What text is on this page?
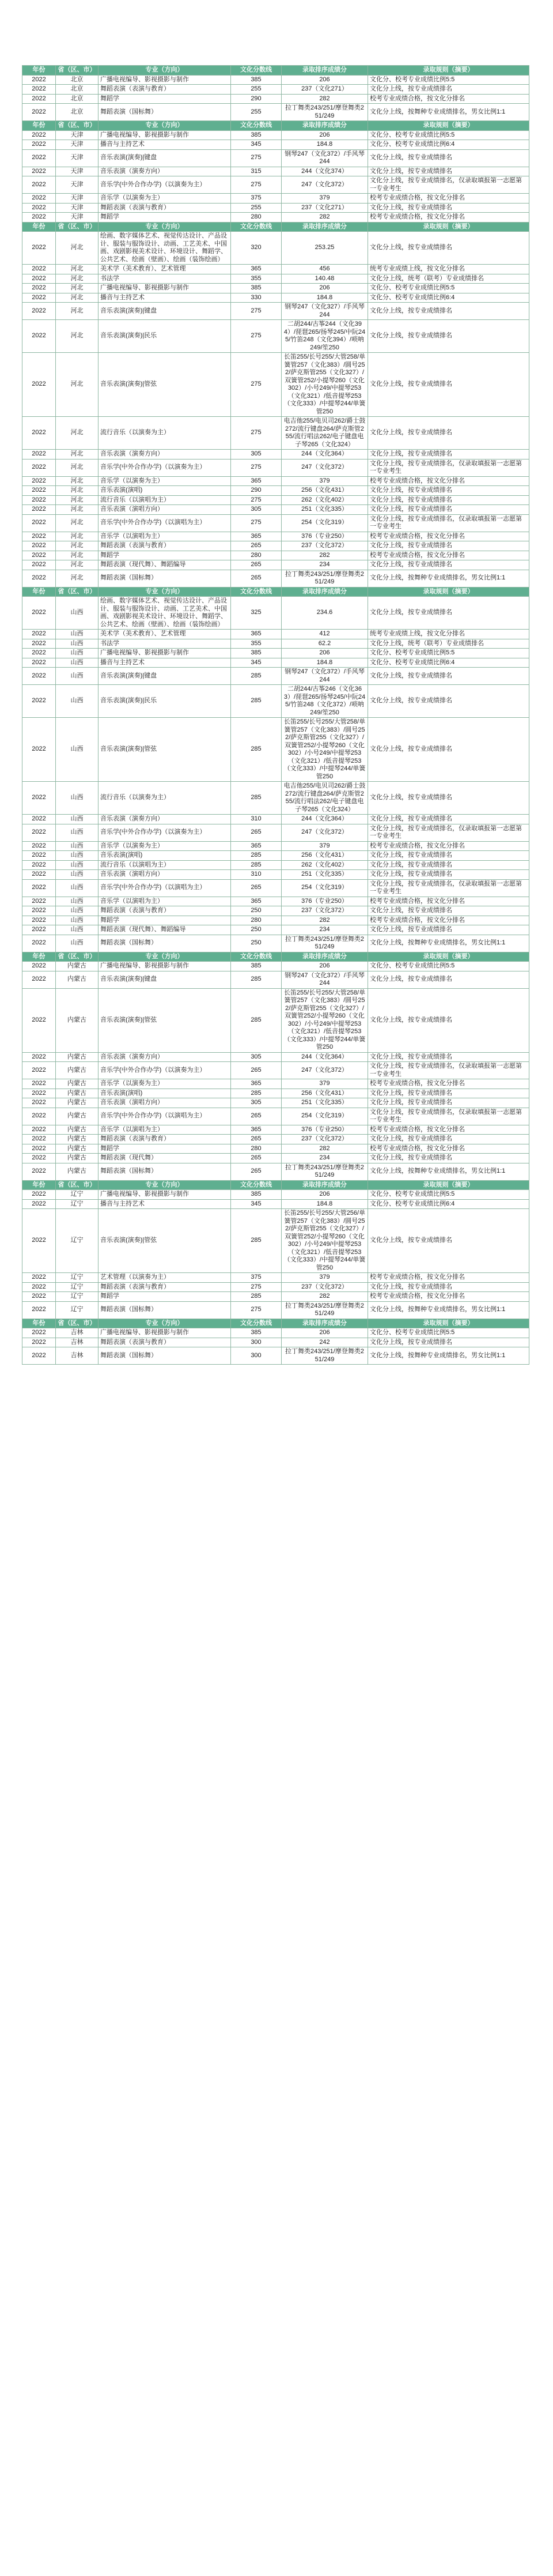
年份	省（区、市）	专业（方向）	文化分数线	录取排序成绩分	录取规则（摘要）
2022	北京	广播电视编导、影视摄影与制作	385	206	文化分、校考专业成绩比例5:5
2022	北京	舞蹈表演（表演与教育）	255	237（文化271）	文化分上线，按专业成绩排名
2022	北京	舞蹈学	290	282	校考专业成绩合格，按文化分排名
2022	北京	舞蹈表演（国标舞）	255	拉丁舞类243/251/摩登舞类251/249	文化分上线，按舞种专业成绩排名，男女比例1:1
年份	省（区、市）	专业（方向）	文化分数线	录取排序成绩分	录取规则（摘要）
2022	天津	广播电视编导、影视摄影与制作	385	206	文化分、校考专业成绩比例5:5
2022	天津	播音与主持艺术	345	184.8	文化分、校考专业成绩比例6:4
2022	天津	音乐表演(演奏)|键盘	275	钢琴247（文化372）/手风琴244	文化分上线，按专业成绩排名
2022	天津	音乐表演（演奏方向）	315	244（文化374）	文化分上线，按专业成绩排名
2022	天津	音乐学(中外合作办学)（以演奏为主）	275	247（文化372）	文化分上线，按专业成绩排名，仅录取填报第一志愿第一专业考生
2022	天津	音乐学（以演奏为主）	375	379	校考专业成绩合格，按文化分排名
2022	天津	舞蹈表演（表演与教育）	255	237（文化271）	文化分上线，按专业成绩排名
2022	天津	舞蹈学	280	282	校考专业成绩合格，按文化分排名
年份	省（区、市）	专业（方向）	文化分数线	录取排序成绩分	录取规则（摘要）
2022	河北	绘画、数字媒体艺术、视觉传达设计、产品设计、服装与服饰设计、动画、工艺美术、中国画、戏剧影视美术设计、环境设计、舞蹈学、公共艺术、绘画（壁画）、绘画（装饰绘画）	320	253.25	文化分上线，按专业成绩排名
2022	河北	美术学（美术教育）、艺术管理	365	456	统考专业成绩上线，按文化分排名
2022	河北	书法学	355	140.48	文化分上线，统考（联考）专业成绩排名
2022	河北	广播电视编导、影视摄影与制作	385	206	文化分、校考专业成绩比例5:5
2022	河北	播音与主持艺术	330	184.8	文化分、校考专业成绩比例6:4
2022	河北	音乐表演(演奏)|键盘	275	钢琴247（文化327）/手风琴244	文化分上线，按专业成绩排名
2022	河北	音乐表演(演奏)|民乐	275	二胡244/古筝244（文化394）/琵琶265/扬琴245/中阮245/竹笛248（文化394）/唢呐249/笙250	文化分上线，按专业成绩排名
2022	河北	音乐表演(演奏)|管弦	275	长笛255/长号255/大管258/单簧管257（文化383）/圆号252/萨克斯管255（文化327）/双簧管252/小提琴260（文化302）/小号249/中提琴253（文化321）/低音提琴253（文化333）/中提琴244/单簧管250	文化分上线，按专业成绩排名
2022	河北	流行音乐（以演奏为主）	275	电吉他255/电贝司262/爵士鼓272/流行键盘264/萨克斯管255/流行唱法262/电子键盘电子琴265（文化324）	文化分上线，按专业成绩排名
2022	河北	音乐表演（演奏方向）	305	244（文化364）	文化分上线，按专业成绩排名
2022	河北	音乐学(中外合作办学)（以演奏为主）	275	247（文化372）	文化分上线，按专业成绩排名，仅录取填报第一志愿第一专业考生
2022	河北	音乐学（以演奏为主）	365	379	校考专业成绩合格，按文化分排名
2022	河北	音乐表演(演唱)	290	256（文化431）	文化分上线，按专业成绩排名
2022	河北	流行音乐（以演唱为主）	275	262（文化402）	文化分上线，按专业成绩排名
2022	河北	音乐表演（演唱方向）	305	251（文化335）	文化分上线，按专业成绩排名
2022	河北	音乐学(中外合作办学)（以演唱为主）	275	254（文化319）	文化分上线，按专业成绩排名，仅录取填报第一志愿第一专业考生
2022	河北	音乐学（以演唱为主）	365	376（专业250）	校考专业成绩合格，按文化分排名
2022	河北	舞蹈表演（表演与教育）	265	237（文化372）	文化分上线，按专业成绩排名
2022	河北	舞蹈学	280	282	校考专业成绩合格，按文化分排名
2022	河北	舞蹈表演（现代舞）、舞蹈编导	265	234	文化分上线，按专业成绩排名
2022	河北	舞蹈表演（国标舞）	265	拉丁舞类243/251/摩登舞类251/249	文化分上线，按舞种专业成绩排名，男女比例1:1
年份	省（区、市）	专业（方向）	文化分数线	录取排序成绩分	录取规则（摘要）
2022	山西	绘画、数字媒体艺术、视觉传达设计、产品设计、服装与服饰设计、动画、工艺美术、中国画、戏剧影视美术设计、环境设计、舞蹈学、公共艺术、绘画（壁画）、绘画（装饰绘画）	325	234.6	文化分上线，按专业成绩排名
2022	山西	美术学（美术教育）、艺术管理	365	412	统考专业成绩上线，按文化分排名
2022	山西	书法学	355	62.2	文化分上线，统考（联考）专业成绩排名
2022	山西	广播电视编导、影视摄影与制作	385	206	文化分、校考专业成绩比例5:5
2022	山西	播音与主持艺术	345	184.8	文化分、校考专业成绩比例6:4
2022	山西	音乐表演(演奏)|键盘	285	钢琴247（文化372）/手风琴244	文化分上线，按专业成绩排名
2022	山西	音乐表演(演奏)|民乐	285	二胡244/古筝246（文化363）/琵琶265/扬琴245/中阮245/竹笛248（文化372）/唢呐249/笙250	文化分上线，按专业成绩排名
2022	山西	音乐表演(演奏)|管弦	285	长笛255/长号255/大管258/单簧管257（文化383）/圆号252/萨克斯管255（文化327）/双簧管252/小提琴260（文化302）/小号249/中提琴253（文化321）/低音提琴253（文化333）/中提琴244/单簧管250	文化分上线，按专业成绩排名
2022	山西	流行音乐（以演奏为主）	285	电吉他255/电贝司262/爵士鼓272/流行键盘264/萨克斯管255/流行唱法262/电子键盘电子琴265（文化324）	文化分上线，按专业成绩排名
2022	山西	音乐表演（演奏方向）	310	244（文化364）	文化分上线，按专业成绩排名
2022	山西	音乐学(中外合作办学)（以演奏为主）	265	247（文化372）	文化分上线，按专业成绩排名，仅录取填报第一志愿第一专业考生
2022	山西	音乐学（以演奏为主）	365	379	校考专业成绩合格，按文化分排名
2022	山西	音乐表演(演唱)	285	256（文化431）	文化分上线，按专业成绩排名
2022	山西	流行音乐（以演唱为主）	285	262（文化402）	文化分上线，按专业成绩排名
2022	山西	音乐表演（演唱方向）	310	251（文化335）	文化分上线，按专业成绩排名
2022	山西	音乐学(中外合作办学)（以演唱为主）	265	254（文化319）	文化分上线，按专业成绩排名，仅录取填报第一志愿第一专业考生
2022	山西	音乐学（以演唱为主）	365	376（专业250）	校考专业成绩合格，按文化分排名
2022	山西	舞蹈表演（表演与教育）	250	237（文化372）	文化分上线，按专业成绩排名
2022	山西	舞蹈学	280	282	校考专业成绩合格，按文化分排名
2022	山西	舞蹈表演（现代舞）、舞蹈编导	250	234	文化分上线，按专业成绩排名
2022	山西	舞蹈表演（国标舞）	250	拉丁舞类243/251/摩登舞类251/249	文化分上线，按舞种专业成绩排名，男女比例1:1
年份	省（区、市）	专业（方向）	文化分数线	录取排序成绩分	录取规则（摘要）
2022	内蒙古	广播电视编导、影视摄影与制作	385	206	文化分、校考专业成绩比例5:5
2022	内蒙古	音乐表演(演奏)|键盘	285	钢琴247（文化372）/手风琴244	文化分上线，按专业成绩排名
2022	内蒙古	音乐表演(演奏)|管弦	285	长笛255/长号255/大管258/单簧管257（文化383）/圆号252/萨克斯管255（文化327）/双簧管252/小提琴260（文化302）/小号249/中提琴253（文化321）/低音提琴253（文化333）/中提琴244/单簧管250	文化分上线，按专业成绩排名
2022	内蒙古	音乐表演（演奏方向）	305	244（文化364）	文化分上线，按专业成绩排名
2022	内蒙古	音乐学(中外合作办学)（以演奏为主）	265	247（文化372）	文化分上线，按专业成绩排名，仅录取填报第一志愿第一专业考生
2022	内蒙古	音乐学（以演奏为主）	365	379	校考专业成绩合格，按文化分排名
2022	内蒙古	音乐表演(演唱)	285	256（文化431）	文化分上线，按专业成绩排名
2022	内蒙古	音乐表演（演唱方向）	305	251（文化335）	文化分上线，按专业成绩排名
2022	内蒙古	音乐学(中外合作办学)（以演唱为主）	265	254（文化319）	文化分上线，按专业成绩排名，仅录取填报第一志愿第一专业考生
2022	内蒙古	音乐学（以演唱为主）	365	376（专业250）	校考专业成绩合格，按文化分排名
2022	内蒙古	舞蹈表演（表演与教育）	265	237（文化372）	文化分上线，按专业成绩排名
2022	内蒙古	舞蹈学	280	282	校考专业成绩合格，按文化分排名
2022	内蒙古	舞蹈表演（现代舞）	265	234	文化分上线，按专业成绩排名
2022	内蒙古	舞蹈表演（国标舞）	265	拉丁舞类243/251/摩登舞类251/249	文化分上线，按舞种专业成绩排名，男女比例1:1
年份	省（区、市）	专业（方向）	文化分数线	录取排序成绩分	录取规则（摘要）
2022	辽宁	广播电视编导、影视摄影与制作	385	206	文化分、校考专业成绩比例5:5
2022	辽宁	播音与主持艺术	345	184.8	文化分、校考专业成绩比例6:4
2022	辽宁	音乐表演(演奏)|管弦	285	长笛255/长号255/大管256/单簧管257（文化383）/圆号252/萨克斯管255（文化327）/双簧管252/小提琴260（文化302）/小号249/中提琴253（文化321）/低音提琴253（文化333）/中提琴244/单簧管250	文化分上线，按专业成绩排名
2022	辽宁	艺术管理（以演奏为主）	375	379	校考专业成绩合格，按文化分排名
2022	辽宁	舞蹈表演（表演与教育）	275	237（文化372）	文化分上线，按专业成绩排名
2022	辽宁	舞蹈学	285	282	校考专业成绩合格，按文化分排名
2022	辽宁	舞蹈表演（国标舞）	275	拉丁舞类243/251/摩登舞类251/249	文化分上线，按舞种专业成绩排名，男女比例1:1
年份	省（区、市）	专业（方向）	文化分数线	录取排序成绩分	录取规则（摘要）
2022	吉林	广播电视编导、影视摄影与制作	385	206	文化分、校考专业成绩比例5:5
2022	吉林	舞蹈表演（表演与教育）	300	242	文化分上线，按专业成绩排名
2022	吉林	舞蹈表演（国标舞）	300	拉丁舞类243/251/摩登舞类251/249	文化分上线，按舞种专业成绩排名，男女比例1:1
